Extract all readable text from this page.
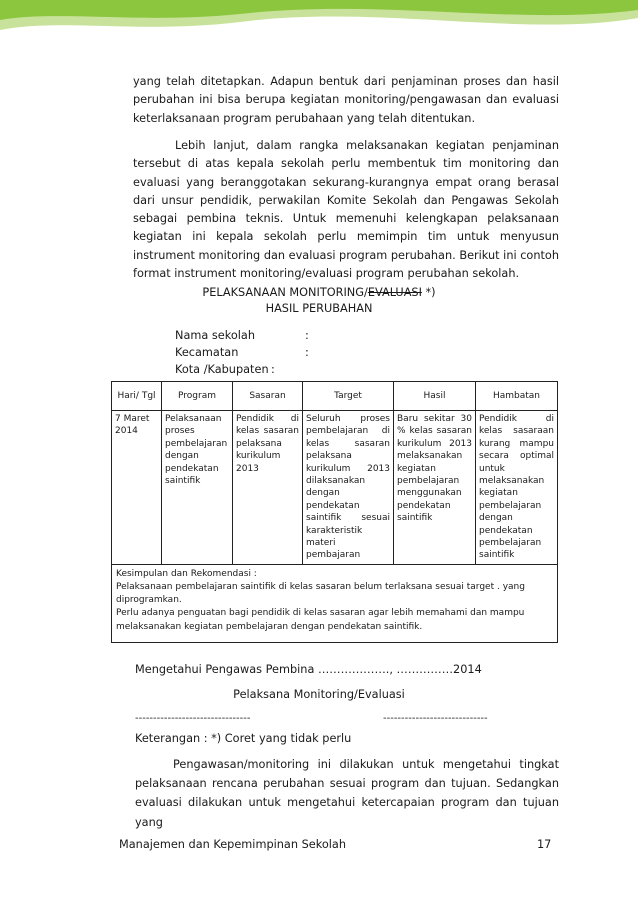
yang telah ditetapkan. Adapun bentuk dari penjaminan proses dan hasil perubahan ini bisa berupa kegiatan monitoring/pengawasan dan evaluasi keterlaksanaan program perubahaan yang telah ditentukan.

Lebih lanjut, dalam rangka melaksanakan kegiatan penjaminan tersebut di atas kepala sekolah perlu membentuk tim monitoring dan evaluasi yang beranggotakan sekurang-kurangnya empat orang berasal dari unsur pendidik, perwakilan Komite Sekolah dan Pengawas Sekolah sebagai pembina teknis. Untuk memenuhi kelengkapan pelaksanaan kegiatan ini kepala sekolah perlu memimpin tim untuk menyusun instrument monitoring dan evaluasi program perubahan. Berikut ini contoh format instrument monitoring/evaluasi program perubahan sekolah.

PELAKSANAAN MONITORING/EVALUASI *)
HASIL PERUBAHAN
Nama sekolah	:
Kecamatan	:
Kota /Kabupaten :
Hari/ Tgl	Program	Sasaran	Target	Hasil	Hambatan
7 Maret 2014	Pelaksanaan proses pembelajaran dengan pendekatan saintifik	Pendidik di kelas sasaran pelaksana kurikulum 2013	Seluruh proses pembelajaran di kelas sasaran pelaksana kurikulum 2013 dilaksanakan dengan pendekatan saintifik sesuai karakteristik materi pembajaran	Baru sekitar 30 % kelas sasaran kurikulum 2013 melaksanakan kegiatan pembelajaran menggunakan pendekatan saintifik	Pendidik di kelas sasaraan kurang mampu secara optimal untuk melaksanakan kegiatan pembelajaran dengan pendekatan pembelajaran saintifik

Kesimpulan dan Rekomendasi :
Pelaksanaan pembelajaran saintifik di kelas sasaran belum terlaksana sesuai target . yang diprogramkan.
Perlu adanya penguatan bagi pendidik di kelas sasaran agar lebih memahami dan mampu melaksanakan kegiatan pembelajaran dengan pendekatan saintifik.					
Mengetahui Pengawas Pembina ………………., ……………2014
Pelaksana Monitoring/Evaluasi
--------------------------------	-----------------------------
Keterangan : *) Coret yang tidak perlu

Pengawasan/monitoring ini dilakukan untuk mengetahui tingkat pelaksanaan rencana perubahan sesuai program dan tujuan. Sedangkan evaluasi dilakukan untuk mengetahui ketercapaian program dan tujuan yang

Manajemen dan Kepemimpinan Sekolah	17
